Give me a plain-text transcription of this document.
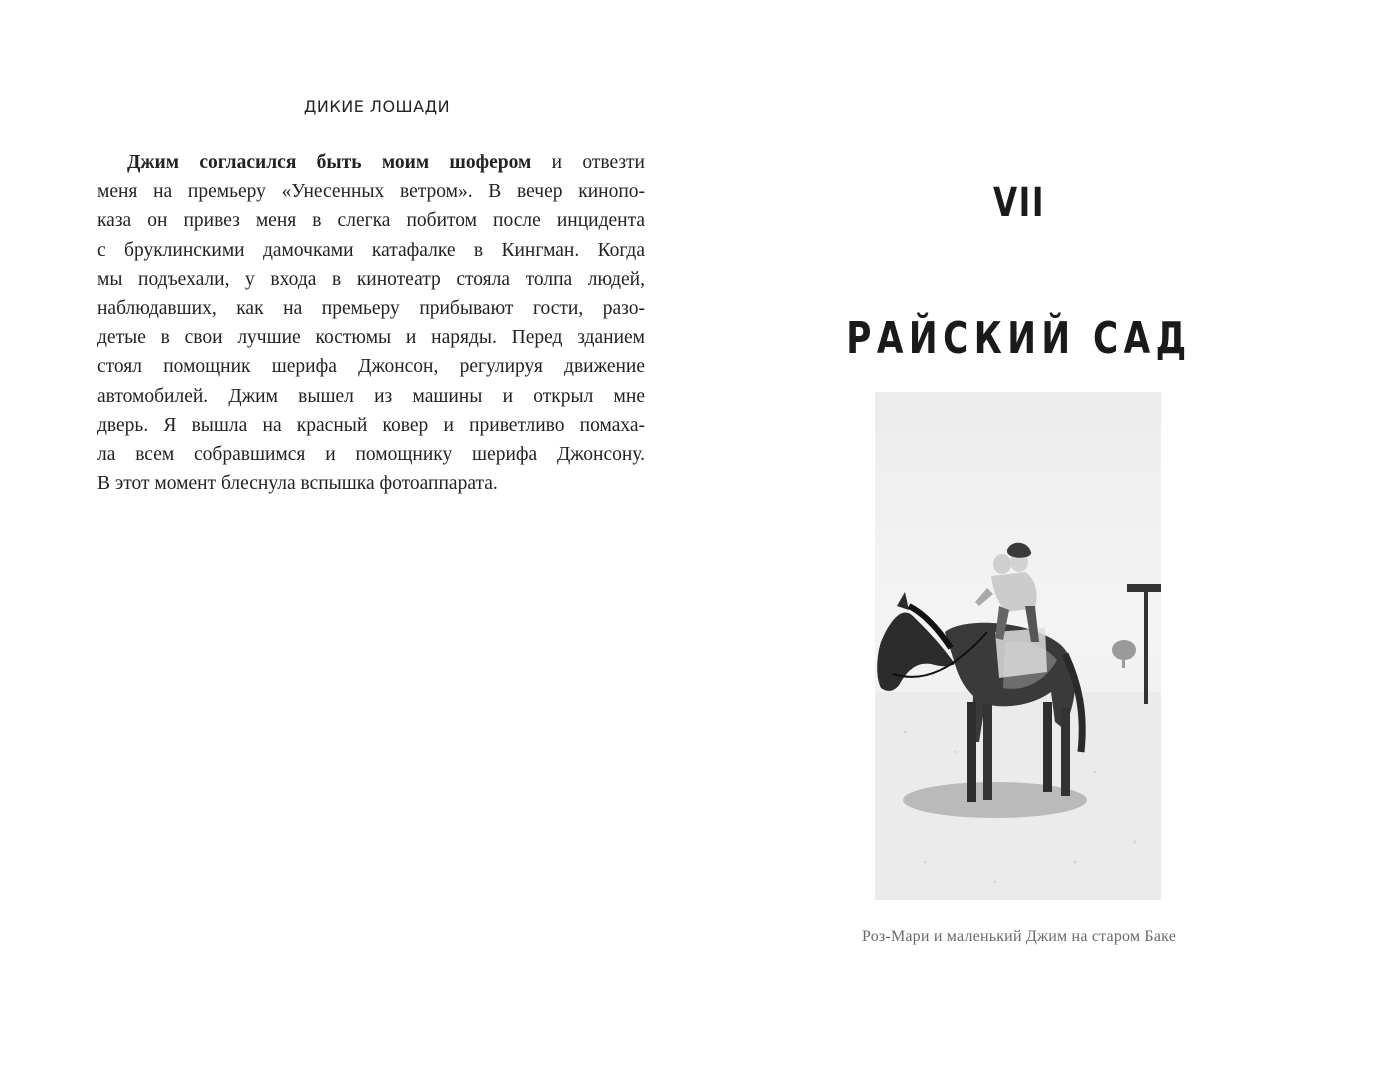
ДИКИЕ ЛОШАДИ
Джим согласился быть моим шофером и отвезти
меня на премьеру «Унесенных ветром». В вечер кинопо-
каза он привез меня в слегка побитом после инцидента
с бруклинскими дамочками катафалке в Кингман. Когда
мы подъехали, у входа в кинотеатр стояла толпа людей,
наблюдавших, как на премьеру прибывают гости, разо-
детые в свои лучшие костюмы и наряды. Перед зданием
стоял помощник шерифа Джонсон, регулируя движение
автомобилей. Джим вышел из машины и открыл мне
дверь. Я вышла на красный ковер и приветливо помаха-
ла всем собравшимся и помощнику шерифа Джонсону.
В этот момент блеснула вспышка фотоаппарата.
VII
РАЙСКИЙ САД
Роз-Мари и маленький Джим на старом Баке
